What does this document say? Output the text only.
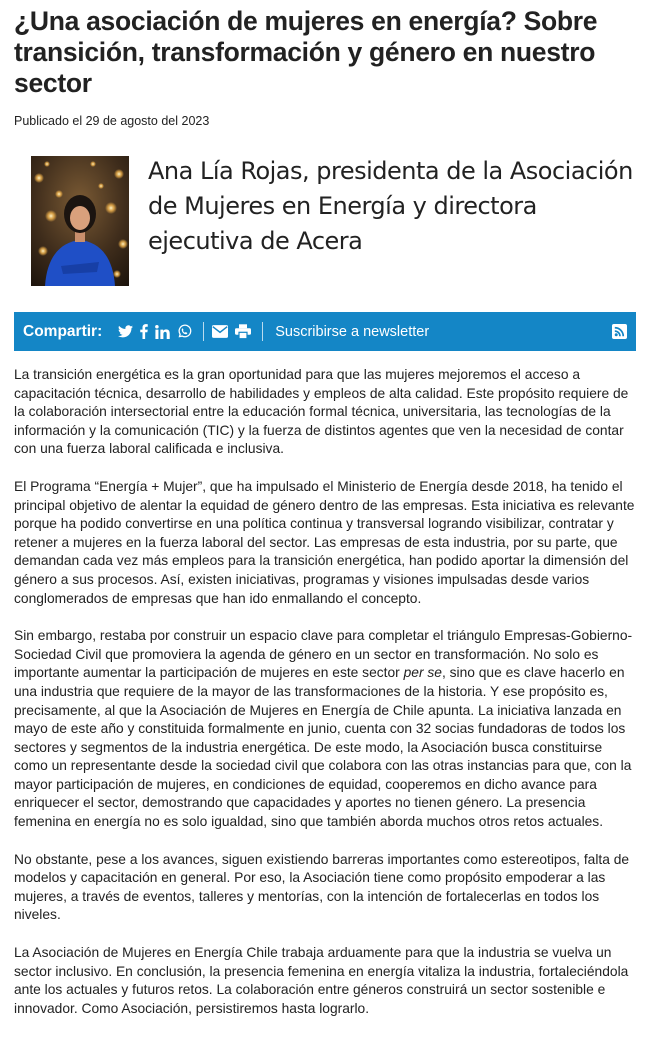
¿Una asociación de mujeres en energía? Sobre transición, transformación y género en nuestro sector
Publicado el 29 de agosto del 2023
Ana Lía Rojas, presidenta de la Asociación de Mujeres en Energía y directora ejecutiva de Acera
Compartir:	Suscribirse a newsletter

La transición energética es la gran oportunidad para que las mujeres mejoremos el acceso a capacitación técnica, desarrollo de habilidades y empleos de alta calidad. Este propósito requiere de la colaboración intersectorial entre la educación formal técnica, universitaria, las tecnologías de la información y la comunicación (TIC) y la fuerza de distintos agentes que ven la necesidad de contar con una fuerza laboral calificada e inclusiva.

El Programa “Energía + Mujer”, que ha impulsado el Ministerio de Energía desde 2018, ha tenido el principal objetivo de alentar la equidad de género dentro de las empresas. Esta iniciativa es relevante porque ha podido convertirse en una política continua y transversal logrando visibilizar, contratar y retener a mujeres en la fuerza laboral del sector. Las empresas de esta industria, por su parte, que demandan cada vez más empleos para la transición energética, han podido aportar la dimensión del género a sus procesos. Así, existen iniciativas, programas y visiones impulsadas desde varios conglomerados de empresas que han ido enmallando el concepto.

Sin embargo, restaba por construir un espacio clave para completar el triángulo Empresas-Gobierno- Sociedad Civil que promoviera la agenda de género en un sector en transformación. No solo es importante aumentar la participación de mujeres en este sector per se, sino que es clave hacerlo en una industria que requiere de la mayor de las transformaciones de la historia. Y ese propósito es, precisamente, al que la Asociación de Mujeres en Energía de Chile apunta. La iniciativa lanzada en mayo de este año y constituida formalmente en junio, cuenta con 32 socias fundadoras de todos los sectores y segmentos de la industria energética. De este modo, la Asociación busca constituirse como un representante desde la sociedad civil que colabora con las otras instancias para que, con la mayor participación de mujeres, en condiciones de equidad, cooperemos en dicho avance para enriquecer el sector, demostrando que capacidades y aportes no tienen género. La presencia femenina en energía no es solo igualdad, sino que también aborda muchos otros retos actuales.

No obstante, pese a los avances, siguen existiendo barreras importantes como estereotipos, falta de modelos y capacitación en general. Por eso, la Asociación tiene como propósito empoderar a las mujeres, a través de eventos, talleres y mentorías, con la intención de fortalecerlas en todos los niveles.

La Asociación de Mujeres en Energía Chile trabaja arduamente para que la industria se vuelva un sector inclusivo. En conclusión, la presencia femenina en energía vitaliza la industria, fortaleciéndola ante los actuales y futuros retos. La colaboración entre géneros construirá un sector sostenible e innovador. Como Asociación, persistiremos hasta lograrlo.
